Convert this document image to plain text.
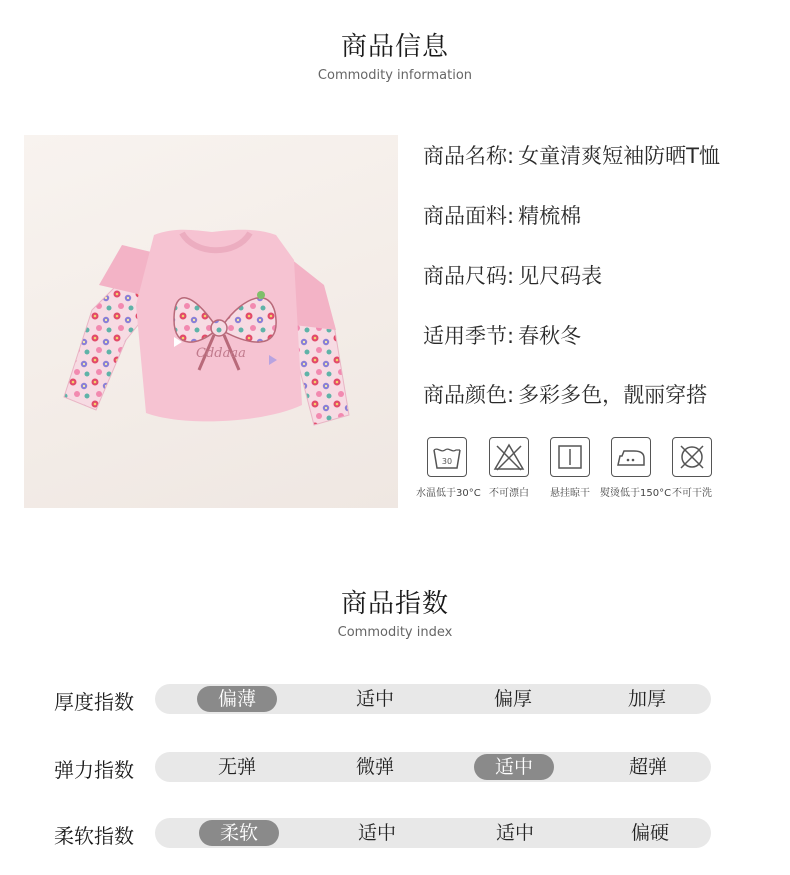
商品信息
Commodity information
Cddaaa
商品名称: 女童清爽短袖防晒T恤
商品面料: 精梳棉
商品尺码: 见尺码表
适用季节: 春秋冬
商品颜色: 多彩多色，靓丽穿搭
30
水温低于30°C 不可漂白	悬挂晾干	熨烫低于150°C 不可干洗
商品指数
Commodity index
厚度指数	偏薄	适中	偏厚	加厚
弹力指数	无弹	微弹	适中	超弹
柔软指数	柔软	适中	适中	偏硬
